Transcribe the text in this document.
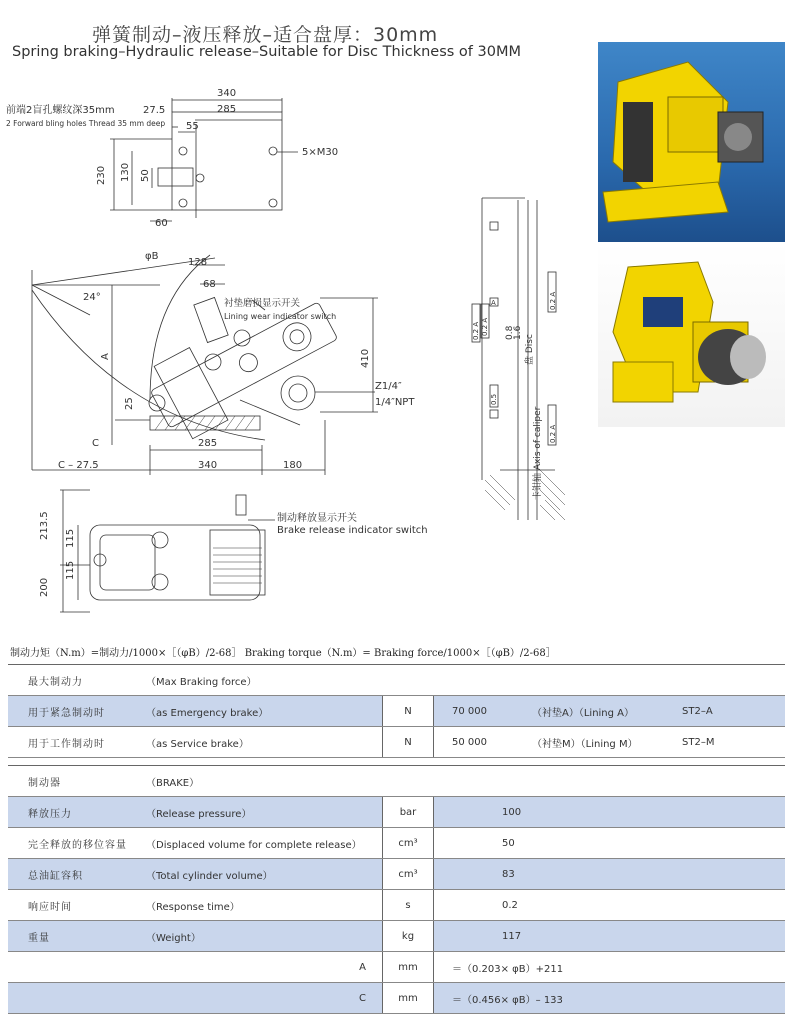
弹簧制动–液压释放–适合盘厚：30mm
Spring braking–Hydraulic release–Suitable for Disc Thickness of 30MM
340
27.5	285
55
230 130 50
60
5×M30
前端2盲孔螺纹深35mm
2 Forward bling holes Thread 35 mm deep
φB
128
68
24°
A
25
410
285
C
C – 27.5	340	180
衬垫磨损显示开关
Lining wear indicator switch
Z1/4″
1/4″NPT
213.5 115
115
200
制动释放显示开关
Brake release indicator switch
0.8
1.6
盘 Disc
卡钳轴 Axis of caliper
0.2 A
0.2 A 0.2 A
0.5
0.2 A
A
制动力矩（N.m）=制动力/1000×［（φB）/2-68］ Braking torque（N.m）= Braking force/1000×［（φB）/2-68］
最大制动力	（Max Braking force）				
用于紧急制动时	（as Emergency brake）	N	70 000	（衬垫A）（Lining A）	ST2–A
用于工作制动时	（as Service brake）	N	50 000	（衬垫M）（Lining M）	ST2–M
制动器	（BRAKE）		
释放压力	（Release pressure）	bar	100
完全释放的移位容量	（Displaced volume for complete release）	cm³	50
总油缸容积	（Total cylinder volume）	cm³	83
响应时间	（Response time）	s	0.2
重量	（Weight）	kg	117
	A	mm	＝（0.203× φB）+211
	C	mm	＝（0.456× φB）– 133
